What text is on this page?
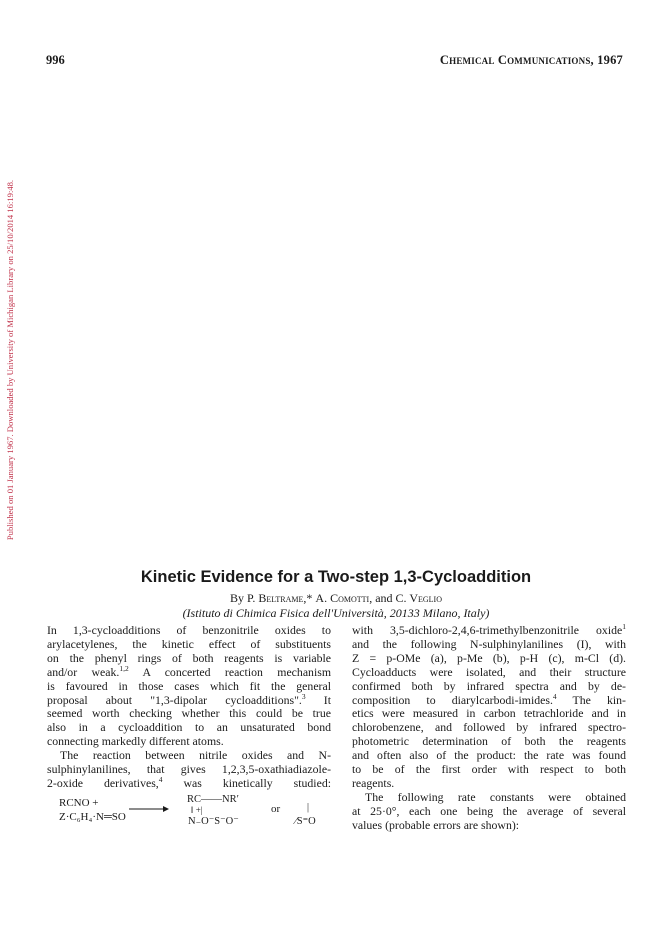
Published on 01 January 1967. Downloaded by University of Michigan Library on 25/10/2014 16:19:48.
996	Chemical Communications, 1967
Kinetic Evidence for a Two-step 1,3-Cycloaddition
By P. Beltrame,* A. Comotti, and C. Veglio
(Istituto di Chimica Fisica dell'Università, 20133 Milano, Italy)

In 1,3-cycloadditions of benzonitrile oxides to
arylacetylenes, the kinetic effect of substituents
on the phenyl rings of both reagents is variable
and/or weak.$^{1,2}$ A concerted reaction mechanism
is favoured in those cases which fit the general
proposal about "1,3-dipolar cycloadditions".$^3$ It
seemed worth checking whether this could be true
also in a cycloaddition to an unsaturated bond
connecting markedly different atoms.

The reaction between nitrile oxides and N-
sulphinylanilines, that gives 1,2,3,5-oxathiadiazole-
2-oxide derivatives,$^4$ was kinetically studied:

RCNO +
Z·C₆H₄·N═SO
RC——NR′
‖ +|
N₋O⁻S⁻O⁻
or	|
⁄S⁼O

with 3,5-dichloro-2,4,6-trimethylbenzonitrile oxide$^1$
and the following N-sulphinylanilines (I), with
Z = p-OMe (a), p-Me (b), p-H (c), m-Cl (d).
Cycloadducts were isolated, and their structure
confirmed both by infrared spectra and by de-
composition to diarylcarbodi-imides.$^4$ The kin-
etics were measured in carbon tetrachloride and in
chlorobenzene, and followed by infrared spectro-
photometric determination of both the reagents
and often also of the product: the rate was found
to be of the first order with respect to both
reagents.

The following rate constants were obtained
at 25·0°, each one being the average of several
values (probable errors are shown):
